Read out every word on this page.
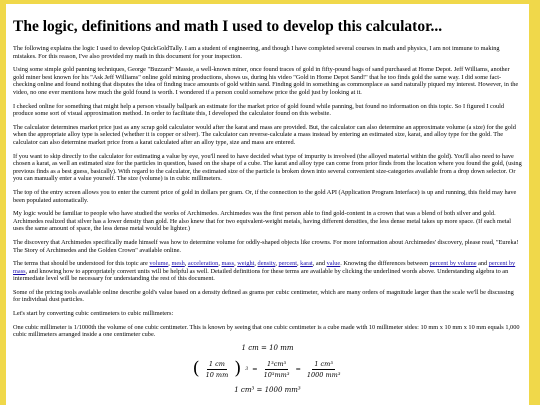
The logic, definitions and math I used to develop this calculator...

The following explains the logic I used to develop QuickGoldTally. I am a student of engineering, and though I have completed several courses in math and physics, I am not immune to making mistakes. For this reason, I've also provided my math in this document for your inspection.

Using some simple gold panning techniques, George "Buzzard" Massie, a well-known miner, once found traces of gold in fifty-pound bags of sand purchased at Home Depot. Jeff Williams, another gold miner best known for his "Ask Jeff Williams" online gold mining productions, shows us, during his video "Gold in Home Depot Sand!" that he too finds gold the same way. I did some fact-checking online and found nothing that disputes the idea of finding trace amounts of gold within sand. Finding gold in something as commonplace as sand naturally piqued my interest. However, in the video, no one ever mentions how much the gold found is worth. I wondered if a person could somehow price the gold just by looking at it.

I checked online for something that might help a person visually ballpark an estimate for the market price of gold found while panning, but found no information on this topic. So I figured I could produce some sort of visual approximation method. In order to facilitate this, I developed the calculator found on this website.

The calculator determines market price just as any scrap gold calculator would after the karat and mass are provided. But, the calculator can also determine an approximate volume (a size) for the gold when the appropriate alloy type is selected (whether it is copper or silver). The calculator can reverse-calculate a mass instead by entering an estimated size, karat, and alloy type for the gold. The calculator can also determine market price from a karat calculated after an alloy type, size and mass are entered.

If you want to skip directly to the calculator for estimating a value by eye, you'll need to have decided what type of impurity is involved (the alloyed material within the gold). You'll also need to have chosen a karat, as well an estimated size for the particles in question, based on the shape of a cube. The karat and alloy type can come from prior finds from the location where you found the gold, (using previous finds as a best guess, basically). With regard to the calculator, the estimated size of the particle is broken down into several convenient size-categories available from a drop down selector. Or you can manually enter a value yourself. The size (volume) is in cubic millimeters.

The top of the entry screen allows you to enter the current price of gold in dollars per gram. Or, if the connection to the gold API (Application Program Interface) is up and running, this field may have been populated automatically.

My logic would be familiar to people who have studied the works of Archimedes. Archimedes was the first person able to find gold-content in a crown that was a blend of both silver and gold. Archimedes realized that silver has a lower density than gold. He also knew that for two equivalent-weight metals, having different densities, the less dense metal takes up more space. (If each metal uses the same amount of space, the less dense metal would be lighter.)

The discovery that Archimedes specifically made himself was how to determine volume for oddly-shaped objects like crowns. For more information about Archimedes' discovery, please read, "Eureka! The Story of Archimedes and the Golden Crown" available online.

The terms that should be understood for this topic are volume, mesh, acceleration, mass, weight, density, percent, karat, and value. Knowing the differences between percent by volume and percent by mass, and knowing how to appropriately convert units will be helpful as well. Detailed definitions for these terms are available by clicking the underlined words above. Understanding algebra to an intermediate level will be necessary for understanding the rest of this document.

Some of the pricing tools available online describe gold's value based on a density defined as grams per cubic centimeter, which are many orders of magnitude larger than the scale we'll be discussing for individual dust particles.

Let's start by converting cubic centimeters to cubic millimeters:

One cubic millimeter is 1/1000th the volume of one cubic centimeter. This is known by seeing that one cubic centimeter is a cube made with 10 millimeter sides: 10 mm x 10 mm x 10 mm equals 1,000 cubic millimeters arranged inside a one centimeter cube.

1 cm = 10 mm
( $\frac{1 cm}{10 mm}$ ) $3 = \frac{\text{1³cm³}}{\text{10³mm³}} = \frac{\text{1 cm³}}{\text{1000 mm³}}$
1 cm³ = 1000 mm³
